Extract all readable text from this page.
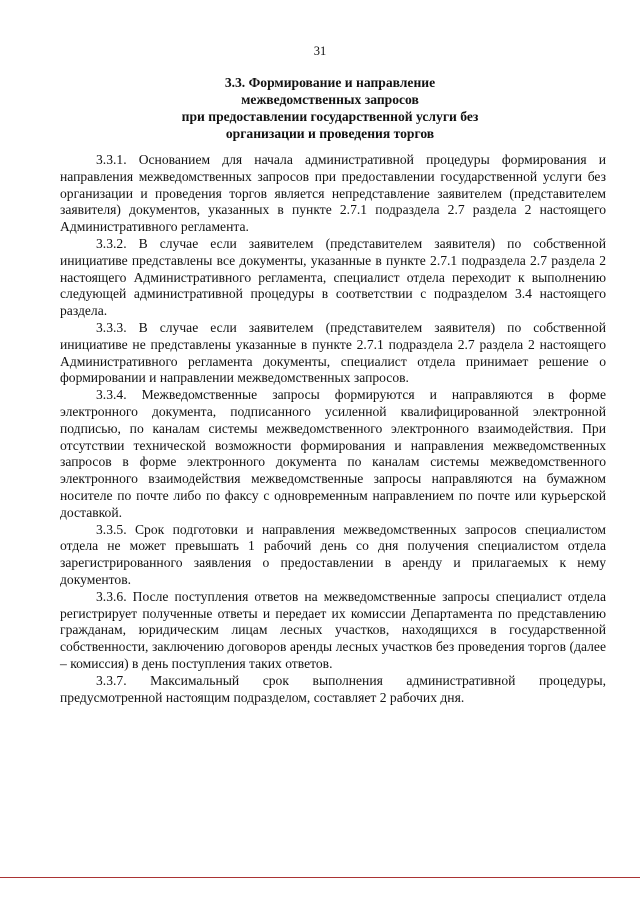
31
3.3. Формирование и направление
межведомственных запросов
при предоставлении государственной услуги без
организации и проведения торгов

3.3.1. Основанием для начала административной процедуры формирования и направления межведомственных запросов при предоставлении государственной услуги без организации и проведения торгов является непредставление заявителем (представителем заявителя) документов, указанных в пункте 2.7.1 подраздела 2.7 раздела 2 настоящего Административного регламента.

3.3.2. В случае если заявителем (представителем заявителя) по собственной инициативе представлены все документы, указанные в пункте 2.7.1 подраздела 2.7 раздела 2 настоящего Административного регламента, специалист отдела переходит к выполнению следующей административной процедуры в соответствии с подразделом 3.4 настоящего раздела.

3.3.3. В случае если заявителем (представителем заявителя) по собственной инициативе не представлены указанные в пункте 2.7.1 подраздела 2.7 раздела 2 настоящего Административного регламента документы, специалист отдела принимает решение о формировании и направлении межведомственных запросов.

3.3.4. Межведомственные запросы формируются и направляются в форме электронного документа, подписанного усиленной квалифицированной электронной подписью, по каналам системы межведомственного электронного взаимодействия. При отсутствии технической возможности формирования и направления межведомственных запросов в форме электронного документа по каналам системы межведомственного электронного взаимодействия межведомственные запросы направляются на бумажном носителе по почте либо по факсу с одновременным направлением по почте или курьерской доставкой.

3.3.5. Срок подготовки и направления межведомственных запросов специалистом отдела не может превышать 1 рабочий день со дня получения специалистом отдела зарегистрированного заявления о предоставлении в аренду и прилагаемых к нему документов.

3.3.6. После поступления ответов на межведомственные запросы специалист отдела регистрирует полученные ответы и передает их комиссии Департамента по представлению гражданам, юридическим лицам лесных участков, находящихся в государственной собственности, заключению договоров аренды лесных участков без проведения торгов (далее – комиссия) в день поступления таких ответов.

3.3.7. Максимальный срок выполнения административной процедуры, предусмотренной настоящим подразделом, составляет 2 рабочих дня.
